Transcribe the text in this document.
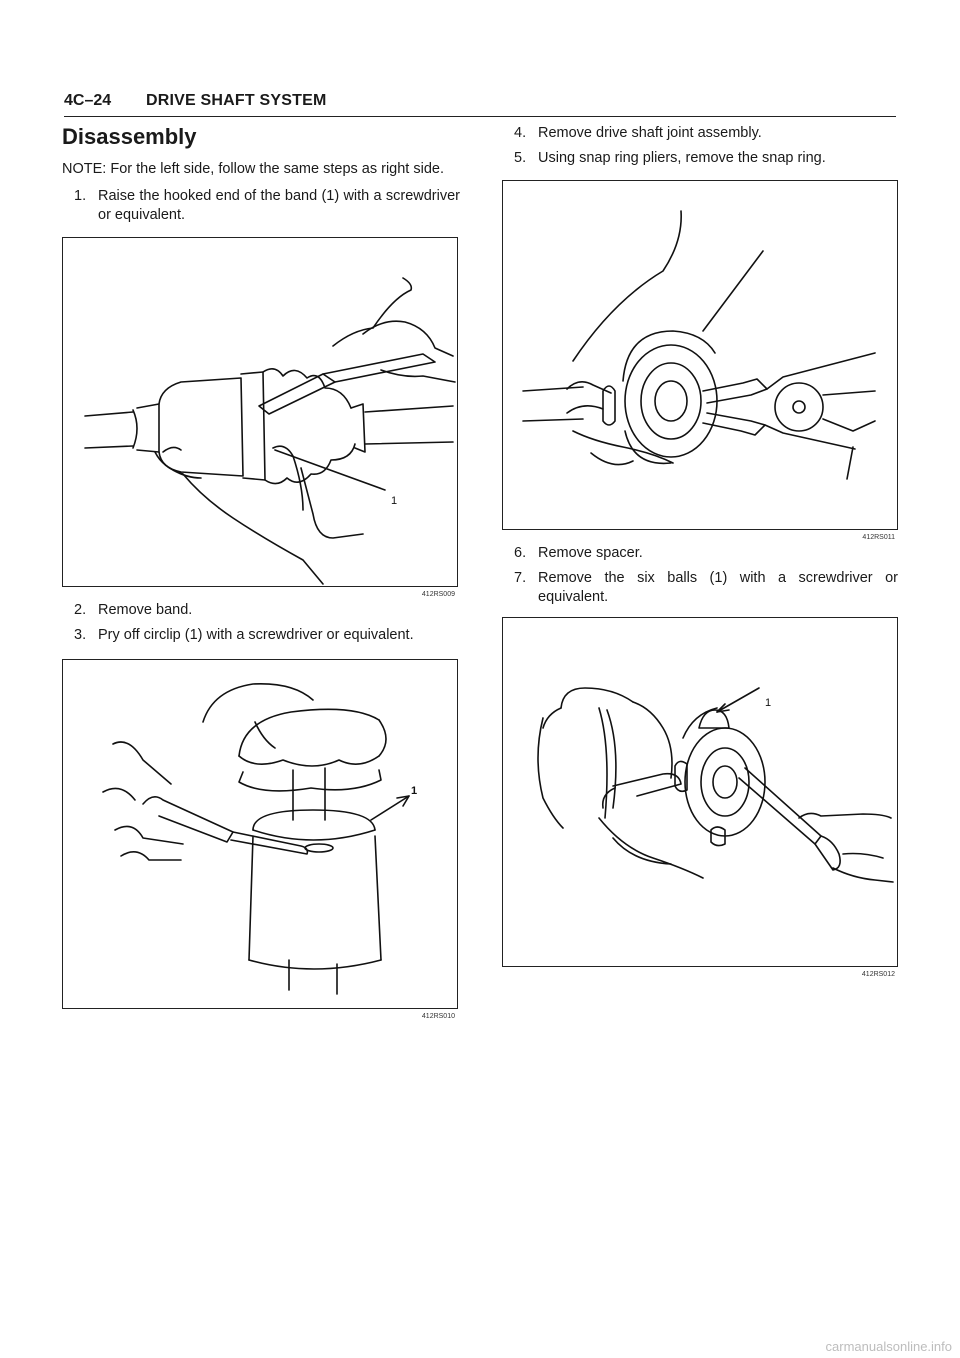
4C–24 DRIVE SHAFT SYSTEM
Disassembly

NOTE: For the left side, follow the same steps as right side.

1. Raise the hooked end of the band (1) with a screwdriver or equivalent.
1
412RS009
2. Remove band.
3. Pry off circlip (1) with a screwdriver or equivalent.
1
412RS010
4. Remove drive shaft joint assembly.
5. Using snap ring pliers, remove the snap ring.
412RS011
6. Remove spacer.
7. Remove the six balls (1) with a screwdriver or equivalent.
1
412RS012
carmanualsonline.info
